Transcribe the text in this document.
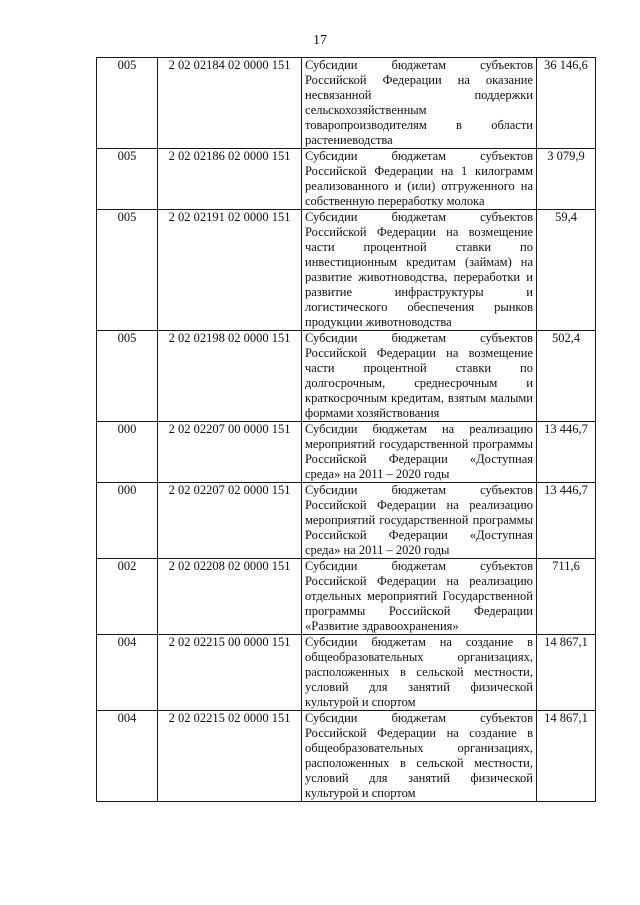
17
005	2 02 02184 02 0000 151	Субсидии бюджетам субъектов Российской Федерации на оказание несвязанной поддержки сельскохозяйственным товаропроизводителям в области растениеводства	36 146,6
005	2 02 02186 02 0000 151	Субсидии бюджетам субъектов Российской Федерации на 1 килограмм реализованного и (или) отгруженного на собственную переработку молока	3 079,9
005	2 02 02191 02 0000 151	Субсидии бюджетам субъектов Российской Федерации на возмещение части процентной ставки по инвестиционным кредитам (займам) на развитие животноводства, переработки и развитие инфраструктуры и логистического обеспечения рынков продукции животноводства	59,4
005	2 02 02198 02 0000 151	Субсидии бюджетам субъектов Российской Федерации на возмещение части процентной ставки по долгосрочным, среднесрочным и краткосрочным кредитам, взятым малыми формами хозяйствования	502,4
000	2 02 02207 00 0000 151	Субсидии бюджетам на реализацию мероприятий государственной программы Российской Федерации «Доступная среда» на 2011 – 2020 годы	13 446,7
000	2 02 02207 02 0000 151	Субсидии бюджетам субъектов Российской Федерации на реализацию мероприятий государственной программы Российской Федерации «Доступная среда» на 2011 – 2020 годы	13 446,7
002	2 02 02208 02 0000 151	Субсидии бюджетам субъектов Российской Федерации на реализацию отдельных мероприятий Государственной программы Российской Федерации «Развитие здравоохранения»	711,6
004	2 02 02215 00 0000 151	Субсидии бюджетам на создание в общеобразовательных организациях, расположенных в сельской местности, условий для занятий физической культурой и спортом	14 867,1
004	2 02 02215 02 0000 151	Субсидии бюджетам субъектов Российской Федерации на создание в общеобразовательных организациях, расположенных в сельской местности, условий для занятий физической культурой и спортом	14 867,1
